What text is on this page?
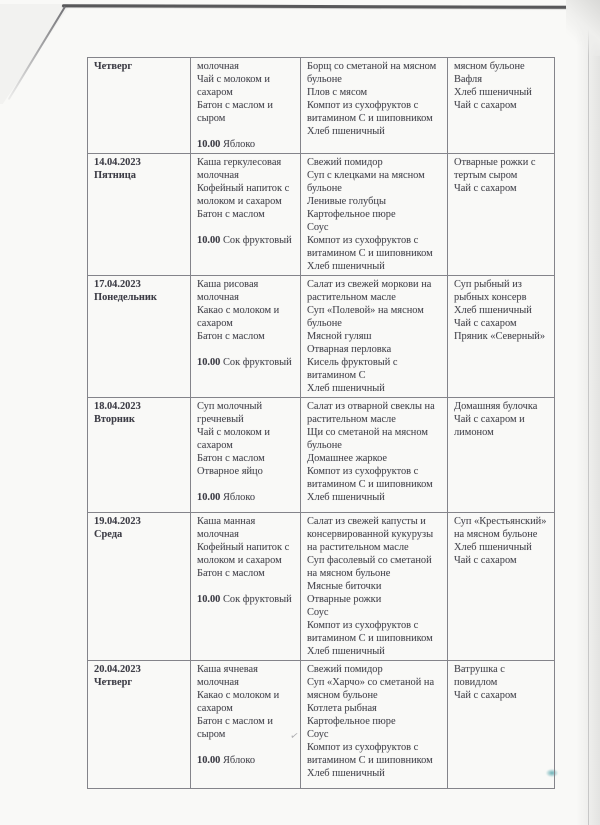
✓
Четверг	молочная
Чай с молоком и сахаром
Батон с маслом и сыром
10.00 Яблоко
Борщ со сметаной на мясном бульоне
Плов с мясом
Компот из сухофруктов с витамином С и шиповником
Хлеб пшеничный
мясном бульоне
Вафля
Хлеб пшеничный
Чай с сахаром
14.04.2023
Пятница
Каша геркулесовая молочная
Кофейный напиток с молоком и сахаром
Батон с маслом
10.00 Сок фруктовый
Свежий помидор
Суп с клецками на мясном бульоне
Ленивые голубцы
Картофельное пюре
Соус
Компот из сухофруктов с витамином С и шиповником
Хлеб пшеничный
Отварные рожки с тертым сыром
Чай с сахаром
17.04.2023
Понедельник
Каша рисовая молочная
Какао с молоком и сахаром
Батон с маслом
10.00 Сок фруктовый
Салат из свежей моркови на растительном масле
Суп «Полевой» на мясном бульоне
Мясной гуляш
Отварная перловка
Кисель фруктовый с витамином С
Хлеб пшеничный
Суп рыбный из рыбных консерв
Хлеб пшеничный
Чай с сахаром
Пряник «Северный»
18.04.2023
Вторник
Суп молочный гречневый
Чай с молоком и сахаром
Батон с маслом
Отварное яйцо
10.00 Яблоко
Салат из отварной свеклы на растительном масле
Щи со сметаной на мясном бульоне
Домашнее жаркое
Компот из сухофруктов с витамином С и шиповником
Хлеб пшеничный
Домашняя булочка
Чай с сахаром и лимоном
19.04.2023
Среда
Каша манная молочная
Кофейный напиток с молоком и сахаром
Батон с маслом
10.00 Сок фруктовый
Салат из свежей капусты и консервированной кукурузы на растительном масле
Суп фасолевый со сметаной на мясном бульоне
Мясные биточки
Отварные рожки
Соус
Компот из сухофруктов с витамином С и шиповником
Хлеб пшеничный
Суп «Крестьянский» на мясном бульоне
Хлеб пшеничный
Чай с сахаром
20.04.2023
Четверг
Каша ячневая молочная
Какао с молоком и сахаром
Батон с маслом и сыром
10.00 Яблоко
Свежий помидор
Суп «Харчо» со сметаной на мясном бульоне
Котлета рыбная
Картофельное пюре
Соус
Компот из сухофруктов с витамином С и шиповником
Хлеб пшеничный
Ватрушка с повидлом
Чай с сахаром
